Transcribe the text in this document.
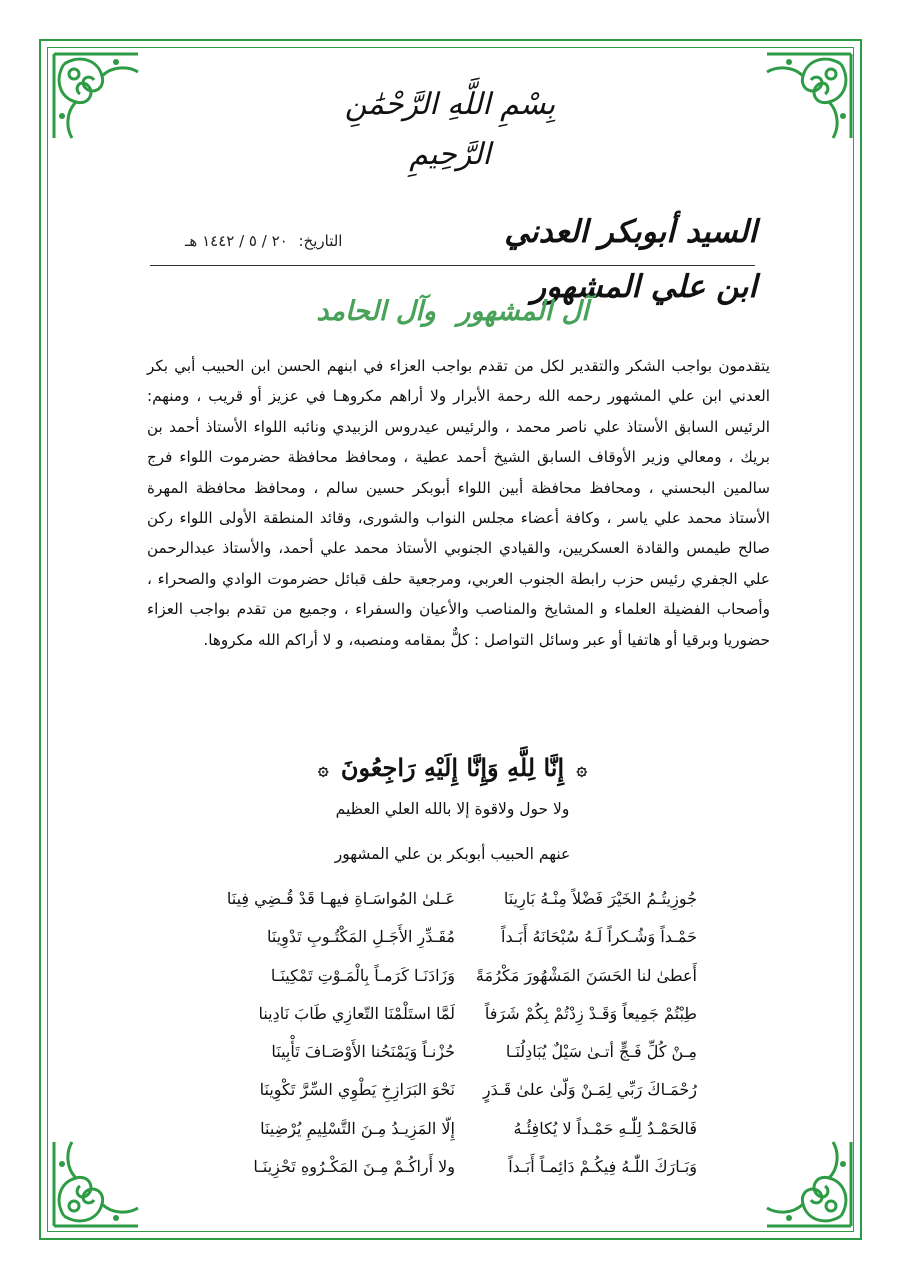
بِسْمِ اللَّهِ الرَّحْمَٰنِ الرَّحِيمِ
السيد أبوبكر العدني ابن علي المشهور
التاريخ: ٢٠ / ٥ / ١٤٤٢ هـ
آل المشهور وآل الحامد

يتقدمون بواجب الشكر والتقدير لكل من تقدم بواجب العزاء في ابنهم الحسن ابن الحبيب أبي بكر العدني ابن علي المشهور رحمه الله رحمة الأبرار ولا أراهم مكروهـا في عزيز أو قريب ، ومنهم: الرئيس السابق الأستاذ علي ناصر محمد ، والرئيس عيدروس الزبيدي ونائبه اللواء الأستاذ أحمد بن بريك ، ومعالي وزير الأوقاف السابق الشيخ أحمد عطية ، ومحافظ محافظة حضرموت اللواء فرج سالمين البحسني ، ومحافظ محافظة أبين اللواء أبوبكر حسين سالم ، ومحافظ محافظة المهرة الأستاذ محمد علي ياسر ، وكافة أعضاء مجلس النواب والشورى، وقائد المنطقة الأولى اللواء ركن صالح طيمس والقادة العسكريين، والقيادي الجنوبي الأستاذ محمد علي أحمد، والأستاذ عبدالرحمن علي الجفري رئيس حزب رابطة الجنوب العربي، ومرجعية حلف قبائل حضرموت الوادي والصحراء ، وأصحاب الفضيلة العلماء و المشايخ والمناصب والأعيان والسفراء ، وجميع من تقدم بواجب العزاء حضوريا وبرقيا أو هاتفيا أو عبر وسائل التواصل : كلٌّ بمقامه ومنصبه، و لا أراكم الله مكروها.

۞ إِنَّا لِلَّهِ وَإِنَّا إِلَيْهِ رَاجِعُونَ ۞
ولا حول ولاقوة إلا بالله العلي العظيم
عنهم الحبيب أبوبكر بن علي المشهور
جُوزِيتُـمُ الخَيْرَ فَضْلاً مِنْـهُ بَارِينَا
عَـلىٰ المُواسَـاةِ فيهـا قَدْ قُـضِي فِينَا
حَمْـداً وَشُـكراً لَـهُ سُبْحَانَهُ أَبَـداً
مُقَـدِّرِ الأَجَـلِ المَكْتُـوبِ تَدْوِينَا
أَعطىٰ لنا الحَسَنَ المَشْهُورَ مَكْرُمَةً
وَزَادَنَـا كَرَمـاً بِالْمَـوْتِ تَمْكِينَـا
طِبْتُمْ جَمِيعاً وَقَـدْ زِدْتُمْ بِكُمْ شَرَفاً
لَمَّا استَلْمْنَا التّعازِي طَابَ نَادِينا
مِـنْ كُلِّ فَـجٍّ أتـىٰ سَيْلٌ يُبَادِلُنَـا
حُزْنـاً وَيَمْنَحُنا الأَوْصَـافَ تَأْبِينَا
رُحْمَـاكَ رَبِّي لِمَـنْ وَلّىٰ علىٰ قَـدَرٍ
نَحْوَ البَرَازِخِ يَطْوِي السِّرَّ تَكْوِينَا
فَالحَمْـدُ لِلّٰـهِ حَمْـداً لا يُكافِئُـهُ
إِلّا المَزِيـدُ مِـنَ التَّسْلِيمِ يُرْضِينَا
وَبَـارَكَ اللّٰـهُ فِيكُـمْ دَائِمـاً أَبَـداً
ولا أَراكُـمْ مِـنَ المَكْـرُوهِ تَحْزِينَـا
